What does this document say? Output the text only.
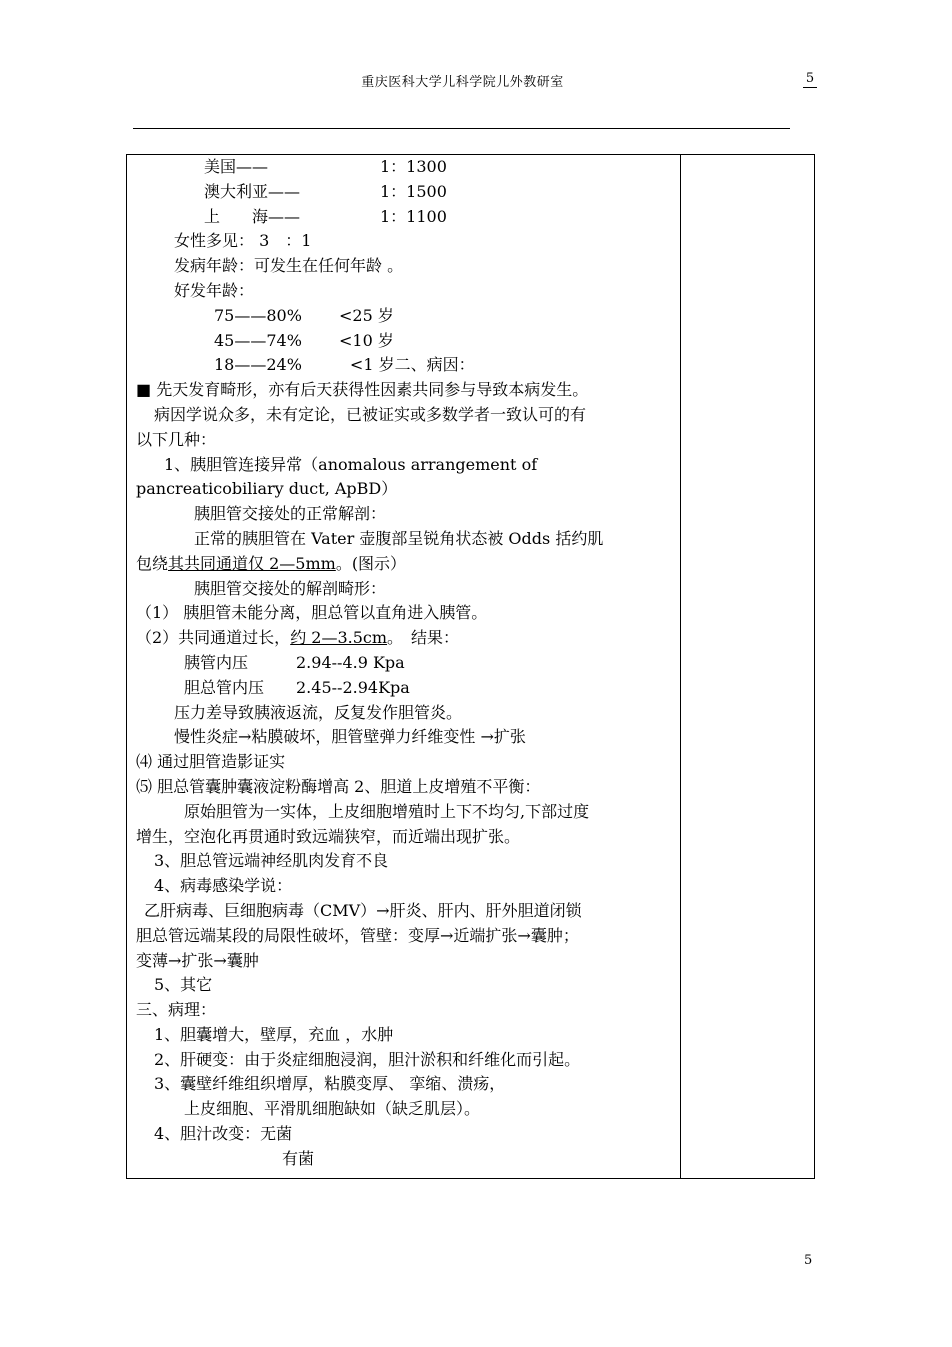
重庆医科大学儿科学院儿外教研室	5
美国——　　　　　　　1：1300
澳大利亚——　　　　　1：1500
上　　海——　　　　　1：1100
女性多见： 3　：1
发病年龄：可发生在任何年龄 。
好发年龄：
75——80%　　 <25 岁
45——74%　　 <10 岁
18——24%　　　<1 岁二、病因：
■ 先天发育畸形，亦有后天获得性因素共同参与导致本病发生。
病因学说众多，未有定论，已被证实或多数学者一致认可的有
以下几种：
1、胰胆管连接异常（anomalous arrangement of
pancreaticobiliary duct, ApBD）
胰胆管交接处的正常解剖：
正常的胰胆管在 Vater 壶腹部呈锐角状态被 Odds 括约肌
包绕其共同通道仅 2—5mm。(图示）
胰胆管交接处的解剖畸形：
（1） 胰胆管未能分离，胆总管以直角进入胰管。
（2）共同通道过长，约 2—3.5cm。　结果：
胰管内压　　　2.94--4.9 Kpa
胆总管内压　　2.45--2.94Kpa
压力差导致胰液返流，反复发作胆管炎。
慢性炎症→粘膜破坏，胆管壁弹力纤维变性 →扩张
⑷ 通过胆管造影证实
⑸ 胆总管囊肿囊液淀粉酶增高 2、胆道上皮增殖不平衡：
原始胆管为一实体，上皮细胞增殖时上下不均匀,下部过度
增生，空泡化再贯通时致远端狭窄，而近端出现扩张。
3、胆总管远端神经肌肉发育不良
4、病毒感染学说：
乙肝病毒、巨细胞病毒（CMV）→肝炎、肝内、肝外胆道闭锁
胆总管远端某段的局限性破坏，管壁：变厚→近端扩张→囊肿；
变薄→扩张→囊肿
5、其它
三、病理：
1、胆囊增大，壁厚，充血 ，水肿
2、肝硬变：由于炎症细胞浸润，胆汁淤积和纤维化而引起。
3、囊壁纤维组织增厚，粘膜变厚、 挛缩、溃疡，
上皮细胞、平滑肌细胞缺如（缺乏肌层）。
4、胆汁改变：无菌
有菌
5
